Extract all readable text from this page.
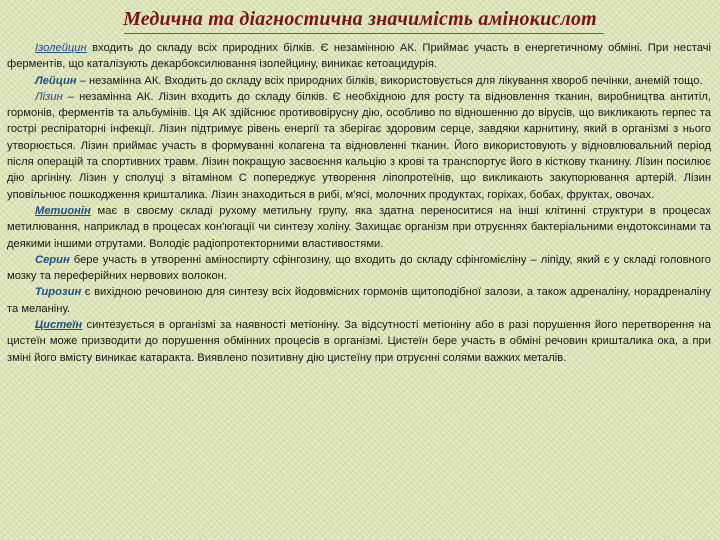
Медична та діагностична значимість амінокислот

Ізолейцин входить до складу всіх природних білків. Є незамінною АК. Приймає участь в енергетичному обміні. При нестачі ферментів, що каталізують декарбоксилювання ізолейцину, виникає кетоацидурія.

Лейцин – незамінна АК. Входить до складу всіх природних білків, використовується для лікування хвороб печінки, анемій тощо.

Лізин – незамінна АК. Лізин входить до складу білків. Є необхідною для росту та відновлення тканин, виробництва антитіл, гормонів, ферментів та альбумінів. Ця АК здійснює противовірусну дію, особливо по відношенню до вірусів, що викликають герпес та гострі респіраторні інфекції. Лізин підтримує рівень енергії та зберігає здоровим серце, завдяки карнитину, який в організмі з нього утворюється. Лізин приймає участь в формуванні колагена та відновленні тканин. Його використовують у відновлювальний період після операцій та спортивних травм. Лізин покращую засвоєння кальцію з крові та транспортує його в кісткову тканину. Лізин посилює дію аргініну. Лізин у сполуці з вітаміном С попереджує утворення ліпопротеїнів, що викликають закупорювання артерій. Лізин уповільнює пошкодження кришталика. Лізин знаходиться в рибі, м'ясі, молочних продуктах, горіхах, бобах, фруктах, овочах.

Метионін має в своєму складі рухому метильну групу, яка здатна переноситися на інші клітинні структури в процесах метилювання, наприклад в процесах кон'югації чи синтезу холіну. Захищає організм при отруєннях бактеріальними ендотоксинами та деякими іншими отрутами. Володіє радіопротекторними властивостями.

Серин бере участь в утворенні аміноспирту сфінгозину, що входить до складу сфінгомієліну – ліпіду, який є у складі головного мозку та переферійних нервових волокон.

Тирозин є вихідною речовиною для синтезу всіх йодовмісних гормонів щитоподібної залози, а також адреналіну, норадреналіну та меланіну.

Цистеїн синтезується в організмі за наявності метіоніну. За відсутності метіоніну або в разі порушення його перетворення на цистеїн може призводити до порушення обмінних процесів в організмі. Цистеїн бере участь в обміні речовин кришталика ока, а при зміні його вмісту виникає катаракта. Виявлено позитивну дію цистеїну при отруєнні солями важких металів.
